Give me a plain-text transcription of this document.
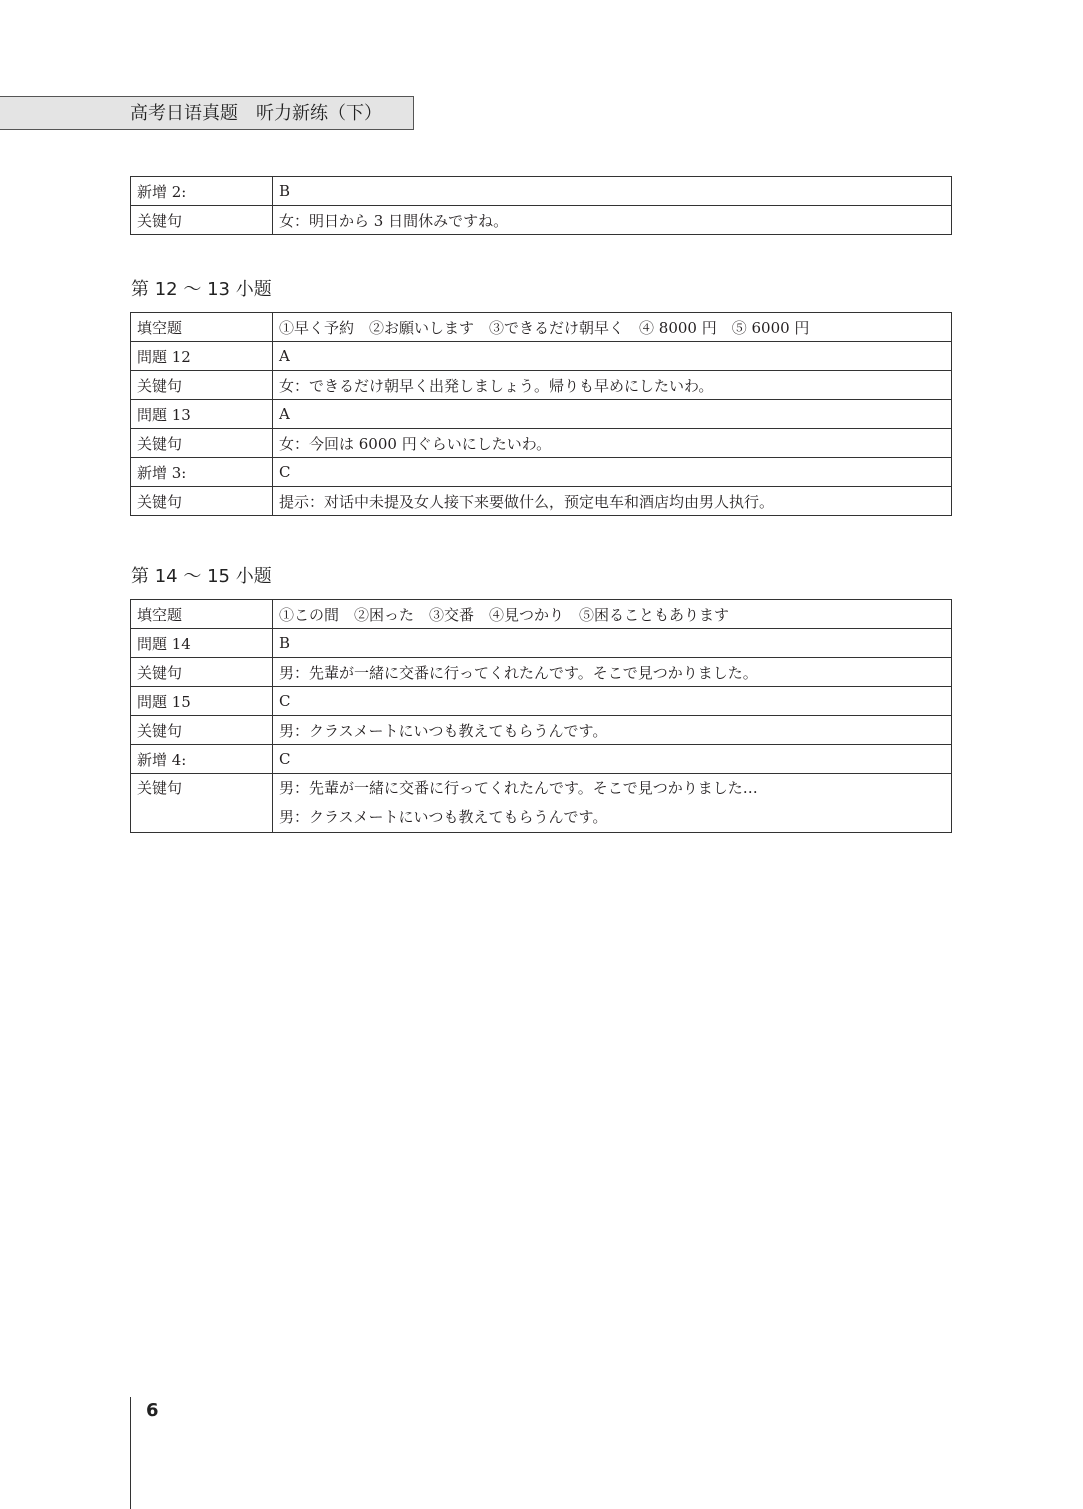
高考日语真题　听力新练（下）
新增 2:	B
关键句	女：明日から 3 日間休みですね。
第 12 ～ 13 小题
填空题	①早く予約　②お願いします　③できるだけ朝早く　④ 8000 円　⑤ 6000 円
問題 12	A
关键句	女：できるだけ朝早く出発しましょう。帰りも早めにしたいわ。
問題 13	A
关键句	女：今回は 6000 円ぐらいにしたいわ。
新增 3:	C
关键句	提示：对话中未提及女人接下来要做什么，预定电车和酒店均由男人执行。
第 14 ～ 15 小题
填空题	①この間　②困った　③交番　④見つかり　⑤困ることもあります
問題 14	B
关键句	男：先輩が一緒に交番に行ってくれたんです。そこで見つかりました。
問題 15	C
关键句	男：クラスメートにいつも教えてもらうんです。
新增 4:	C
关键句	男：先輩が一緒に交番に行ってくれたんです。そこで見つかりました…
男：クラスメートにいつも教えてもらうんです。
6
